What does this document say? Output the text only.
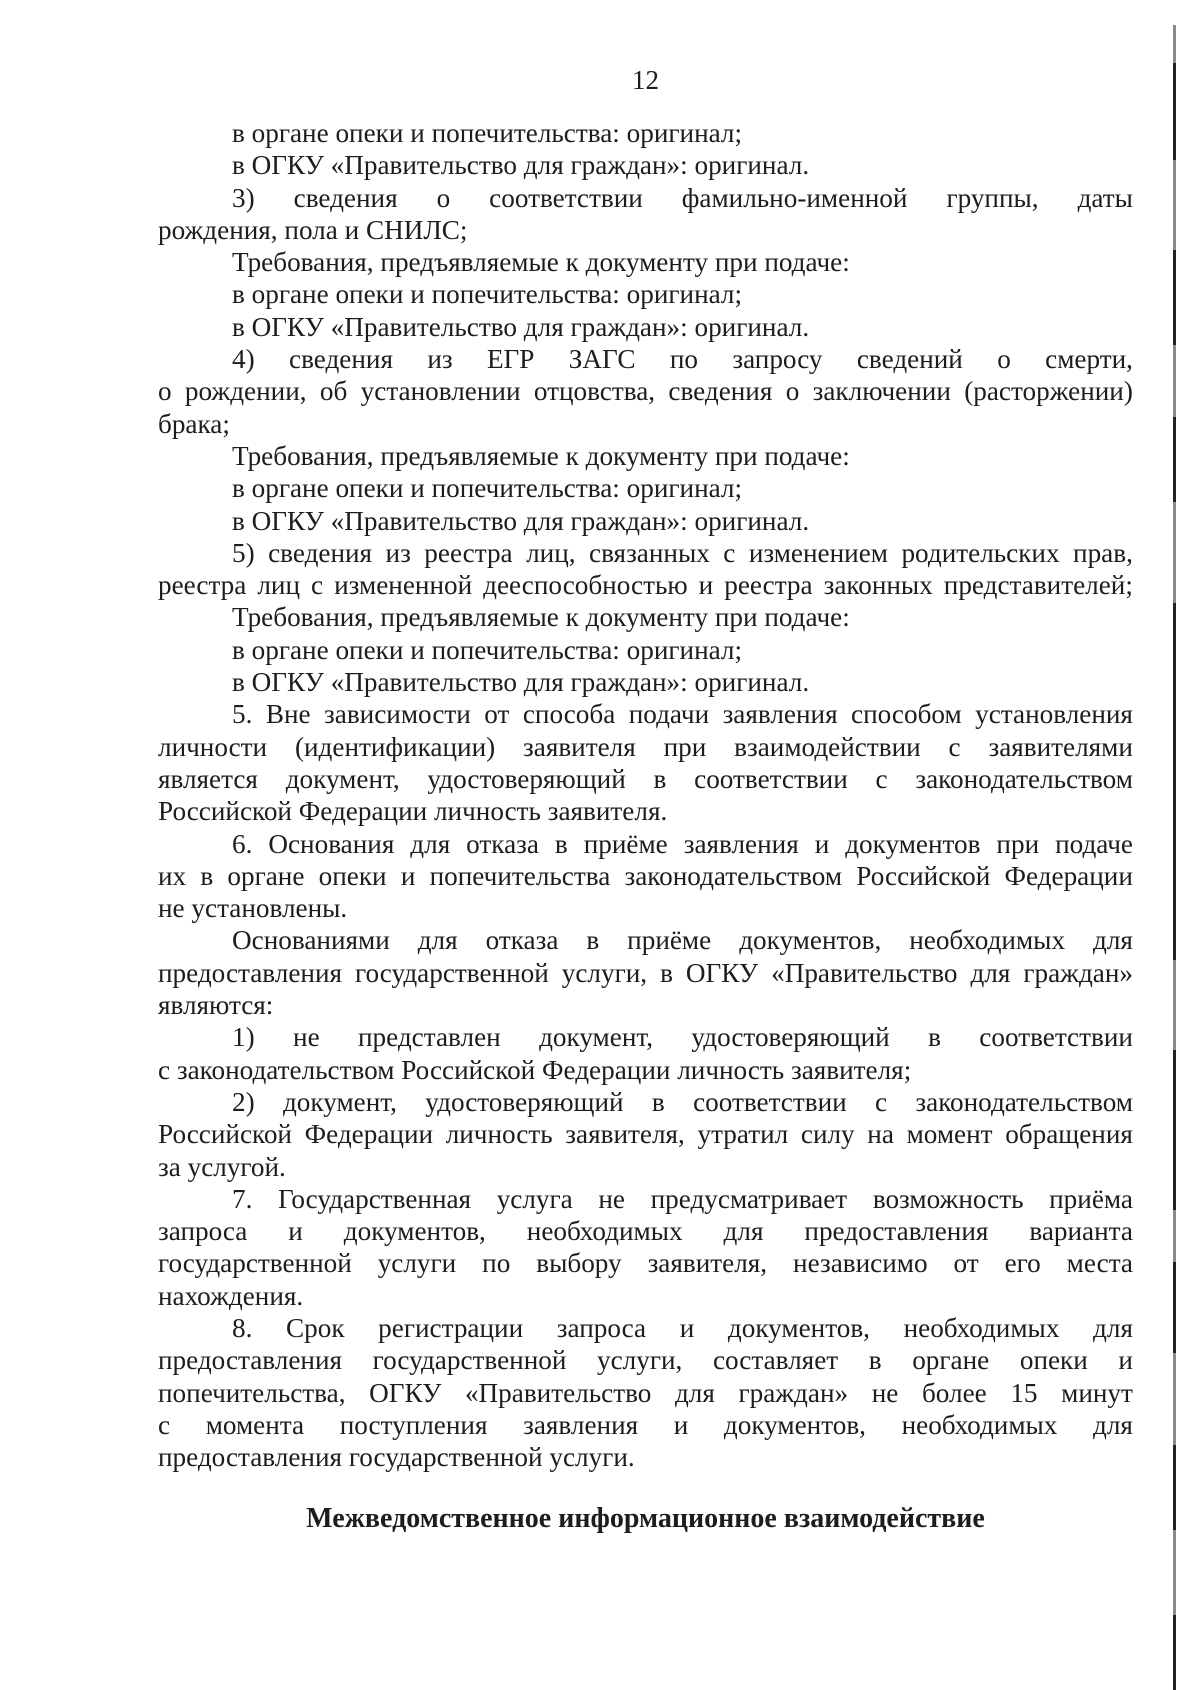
12
в органе опеки и попечительства: оригинал;
в ОГКУ «Правительство для граждан»: оригинал.
3) сведения о соответствии фамильно-именной группы, даты
рождения, пола и СНИЛС;
Требования, предъявляемые к документу при подаче:
в органе опеки и попечительства: оригинал;
в ОГКУ «Правительство для граждан»: оригинал.
4) сведения из ЕГР ЗАГС по запросу сведений о смерти,
о рождении, об установлении отцовства, сведения о заключении (расторжении)
брака;
Требования, предъявляемые к документу при подаче:
в органе опеки и попечительства: оригинал;
в ОГКУ «Правительство для граждан»: оригинал.
5) сведения из реестра лиц, связанных с изменением родительских прав,
реестра лиц с измененной дееспособностью и реестра законных представителей;
Требования, предъявляемые к документу при подаче:
в органе опеки и попечительства: оригинал;
в ОГКУ «Правительство для граждан»: оригинал.
5. Вне зависимости от способа подачи заявления способом установления
личности (идентификации) заявителя при взаимодействии с заявителями
является документ, удостоверяющий в соответствии с законодательством
Российской Федерации личность заявителя.
6. Основания для отказа в приёме заявления и документов при подаче
их в органе опеки и попечительства законодательством Российской Федерации
не установлены.
Основаниями для отказа в приёме документов, необходимых для
предоставления государственной услуги, в ОГКУ «Правительство для граждан»
являются:
1) не представлен документ, удостоверяющий в соответствии
с законодательством Российской Федерации личность заявителя;
2) документ, удостоверяющий в соответствии с законодательством
Российской Федерации личность заявителя, утратил силу на момент обращения
за услугой.
7. Государственная услуга не предусматривает возможность приёма
запроса и документов, необходимых для предоставления варианта
государственной услуги по выбору заявителя, независимо от его места
нахождения.
8. Срок регистрации запроса и документов, необходимых для
предоставления государственной услуги, составляет в органе опеки и
попечительства, ОГКУ «Правительство для граждан» не более 15 минут
с момента поступления заявления и документов, необходимых для
предоставления государственной услуги.
Межведомственное информационное взаимодействие
